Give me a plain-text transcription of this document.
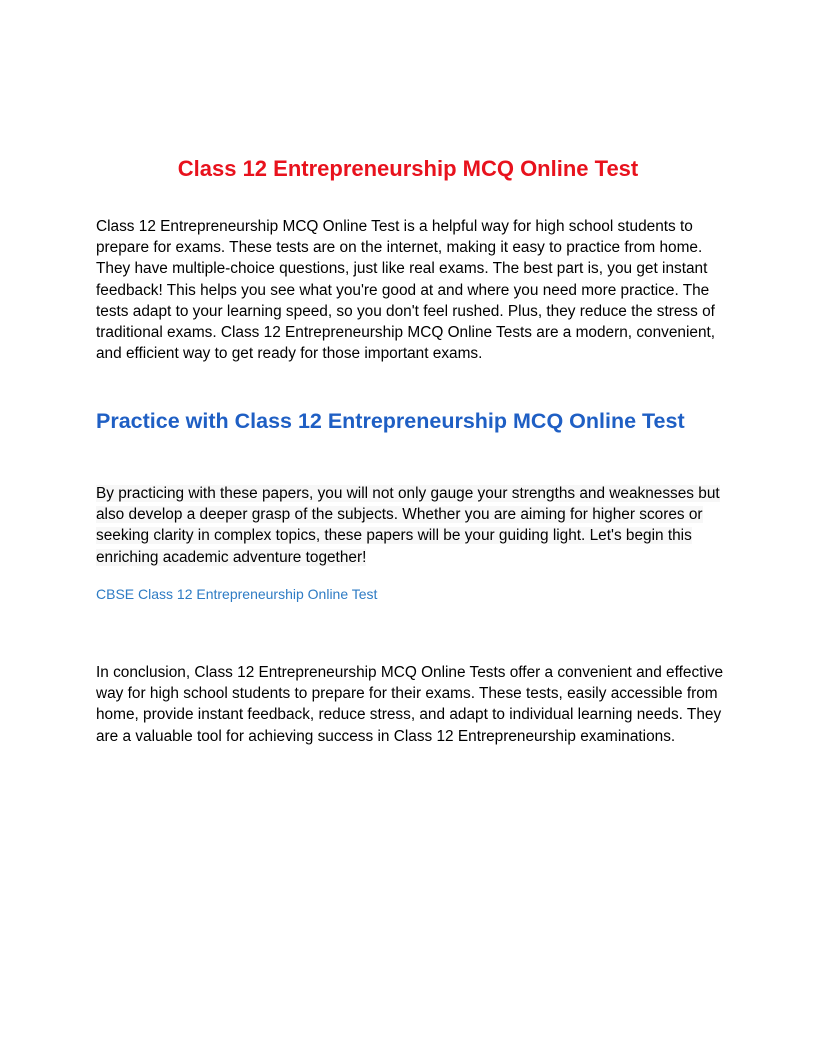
Class 12 Entrepreneurship MCQ Online Test

Class 12 Entrepreneurship MCQ Online Test is a helpful way for high school students to prepare for exams. These tests are on the internet, making it easy to practice from home. They have multiple-choice questions, just like real exams. The best part is, you get instant feedback! This helps you see what you're good at and where you need more practice. The tests adapt to your learning speed, so you don't feel rushed. Plus, they reduce the stress of traditional exams. Class 12 Entrepreneurship MCQ Online Tests are a modern, convenient, and efficient way to get ready for those important exams.

Practice with Class 12 Entrepreneurship MCQ Online Test

By practicing with these papers, you will not only gauge your strengths and weaknesses but also develop a deeper grasp of the subjects. Whether you are aiming for higher scores or seeking clarity in complex topics, these papers will be your guiding light. Let's begin this enriching academic adventure together!

CBSE Class 12 Entrepreneurship Online Test

In conclusion, Class 12 Entrepreneurship MCQ Online Tests offer a convenient and effective way for high school students to prepare for their exams. These tests, easily accessible from home, provide instant feedback, reduce stress, and adapt to individual learning needs. They are a valuable tool for achieving success in Class 12 Entrepreneurship examinations.
